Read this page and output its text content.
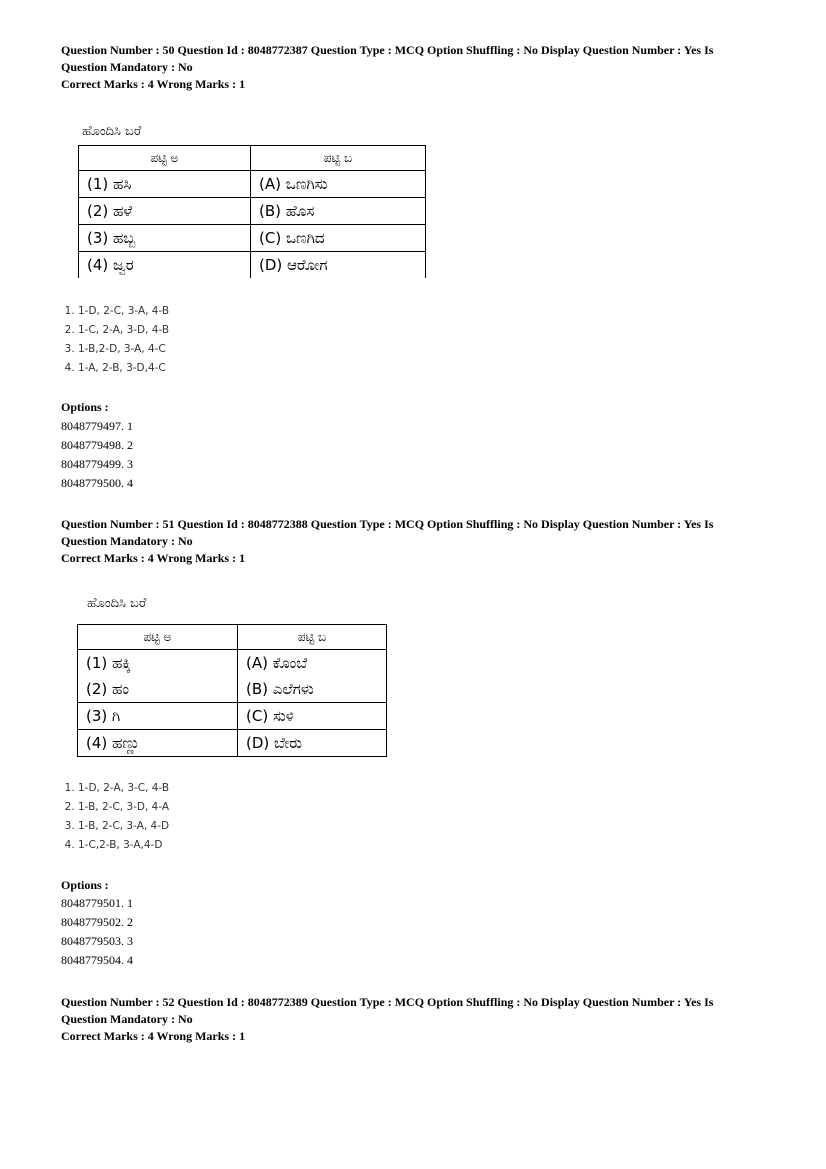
Question Number : 50 Question Id : 8048772387 Question Type : MCQ Option Shuffling : No Display Question Number : Yes Is

Question Mandatory : No

Correct Marks : 4 Wrong Marks : 1

ಹೊಂದಿಸಿ ಬರೆ
ಪಟ್ಟಿ ಅ	ಪಟ್ಟಿ ಬ
(1) ಹಸಿ	(A) ಒಣಗಿಸು
(2) ಹಳೆ	(B) ಹೊಸ
(3) ಹಬ್ಬ	(C) ಒಣಗಿದ
(4) ಜ್ವರ	(D) ಆರೋಗ
1. 1-D, 2-C, 3-A, 4-B
2. 1-C, 2-A, 3-D, 4-B
3. 1-B,2-D, 3-A, 4-C
4. 1-A, 2-B, 3-D,4-C
Options :
8048779497. 1
8048779498. 2
8048779499. 3
8048779500. 4

Question Number : 51 Question Id : 8048772388 Question Type : MCQ Option Shuffling : No Display Question Number : Yes Is

Question Mandatory : No

Correct Marks : 4 Wrong Marks : 1

ಹೊಂದಿಸಿ ಬರೆ
ಪಟ್ಟಿ ಅ	ಪಟ್ಟಿ ಬ
(1) ಹಕ್ಕಿ	(A) ಕೊಂಬೆ
(2) ಹಂ	(B) ಎಲೆಗಳು
(3) ಗಿ	(C) ಸುಳಿ
(4) ಹಣ್ಣು	(D) ಬೇರು
1. 1-D, 2-A, 3-C, 4-B
2. 1-B, 2-C, 3-D, 4-A
3. 1-B, 2-C, 3-A, 4-D
4. 1-C,2-B, 3-A,4-D
Options :
8048779501. 1
8048779502. 2
8048779503. 3
8048779504. 4

Question Number : 52 Question Id : 8048772389 Question Type : MCQ Option Shuffling : No Display Question Number : Yes Is

Question Mandatory : No

Correct Marks : 4 Wrong Marks : 1
